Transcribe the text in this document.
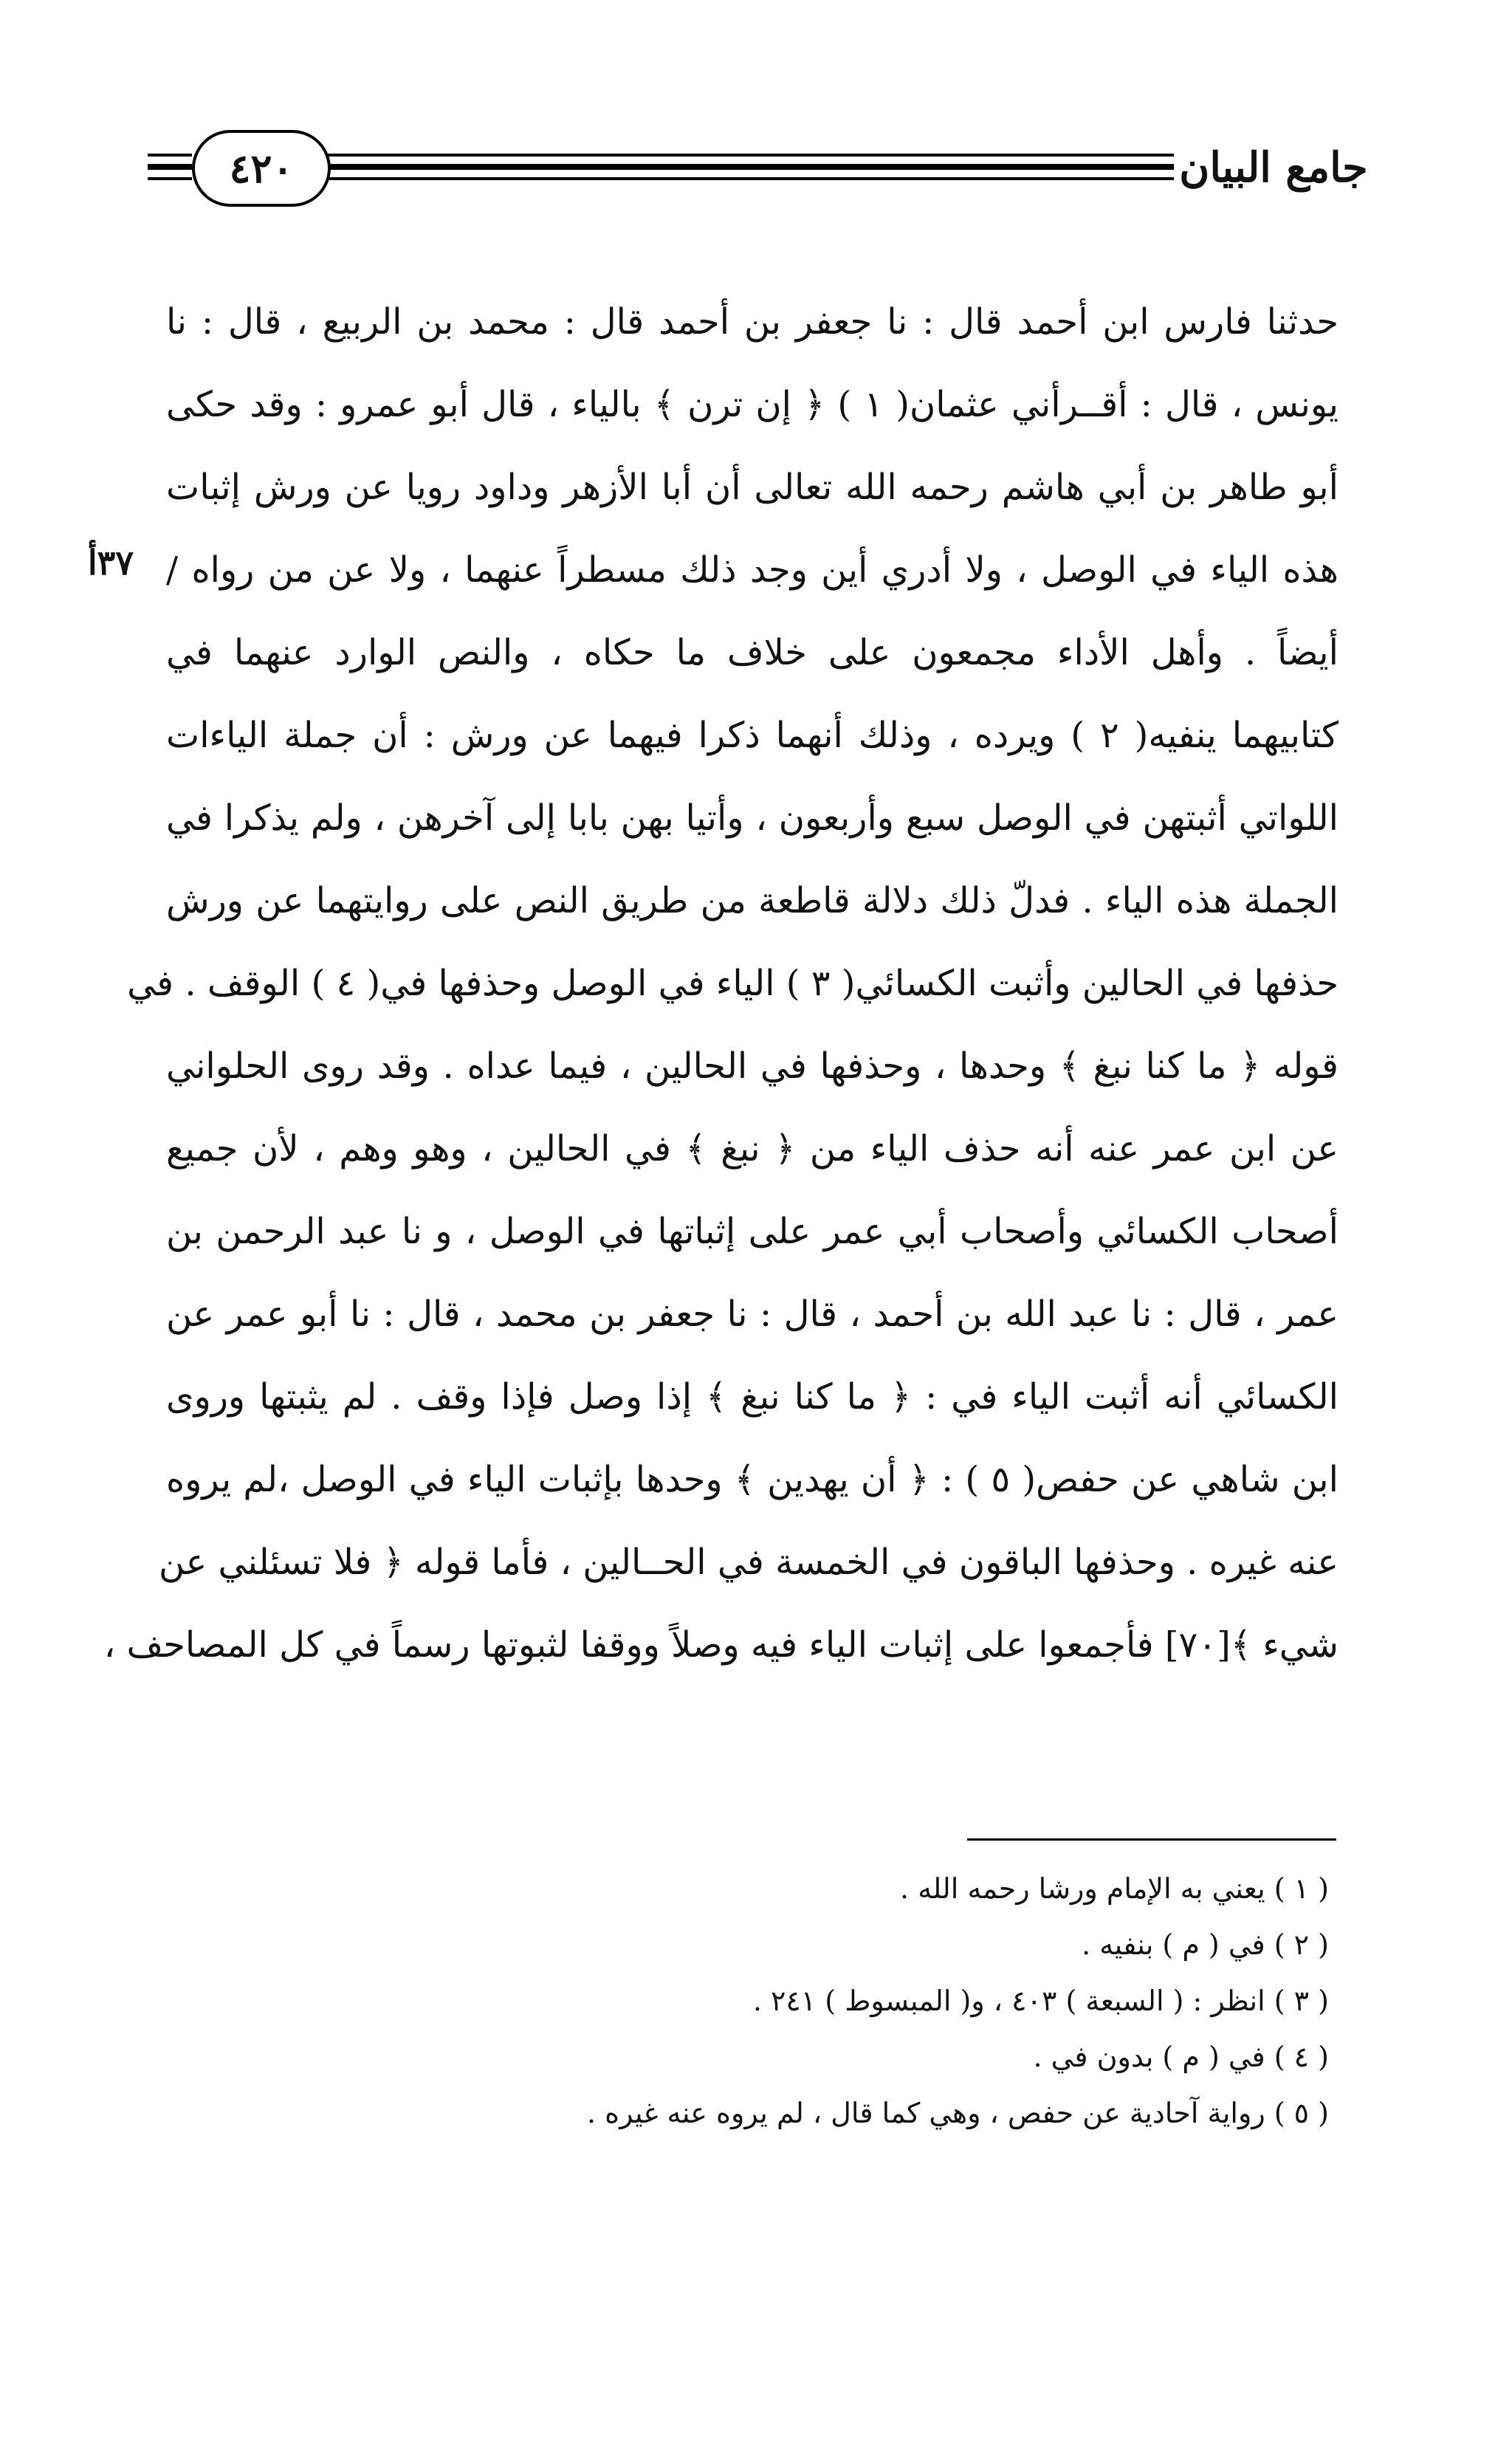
٤٢٠	جامع البيان
٣٧أ
حدثنا فارس ابن أحمد قال : نا جعفر بن أحمد قال : محمد بن الربيع ، قال : نا
يونس ، قال : أقــرأني عثمان( ١ ) ﴿ إن ترن ﴾ بالياء ، قال أبو عمرو : وقد حكى
أبو طاهر بن أبي هاشم رحمه الله تعالى أن أبا الأزهر وداود رويا عن ورش إثبات
هذه الياء في الوصل ، ولا أدري أين وجد ذلك مسطراً عنهما ، ولا عن من رواه /
أيضاً . وأهل الأداء مجمعون على خلاف ما حكاه ، والنص الوارد عنهما في
كتابيهما ينفيه( ٢ ) ويرده ، وذلك أنهما ذكرا فيهما عن ورش : أن جملة الياءات
اللواتي أثبتهن في الوصل سبع وأربعون ، وأتيا بهن بابا إلى آخرهن ، ولم يذكرا في
الجملة هذه الياء . فدلّ ذلك دلالة قاطعة من طريق النص على روايتهما عن ورش
حذفها في الحالين وأثبت الكسائي( ٣ ) الياء في الوصل وحذفها في( ٤ ) الوقف . في
قوله ﴿ ما كنا نبغ ﴾ وحدها ، وحذفها في الحالين ، فيما عداه . وقد روى الحلواني
عن ابن عمر عنه أنه حذف الياء من ﴿ نبغ ﴾ في الحالين ، وهو وهم ، لأن جميع
أصحاب الكسائي وأصحاب أبي عمر على إثباتها في الوصل ، و نا عبد الرحمن بن
عمر ، قال : نا عبد الله بن أحمد ، قال : نا جعفر بن محمد ، قال : نا أبو عمر عن
الكسائي أنه أثبت الياء في : ﴿ ما كنا نبغ ﴾ إذا وصل فإذا وقف . لم يثبتها وروى
ابن شاهي عن حفص( ٥ ) : ﴿ أن يهدين ﴾ وحدها بإثبات الياء في الوصل ،لم يروه
عنه غيره . وحذفها الباقون في الخمسة في الحــالين ، فأما قوله ﴿ فلا تسئلني عن
شيء ﴾[٧٠] فأجمعوا على إثبات الياء فيه وصلاً ووقفا لثبوتها رسماً في كل المصاحف ،
( ١ ) يعني به الإمام ورشا رحمه الله .
( ٢ ) في ( م ) بنفيه .
( ٣ ) انظر : ( السبعة ) ٤٠٣ ، و( المبسوط ) ٢٤١ .
( ٤ ) في ( م ) بدون في .
( ٥ ) رواية آحادية عن حفص ، وهي كما قال ، لم يروه عنه غيره .
